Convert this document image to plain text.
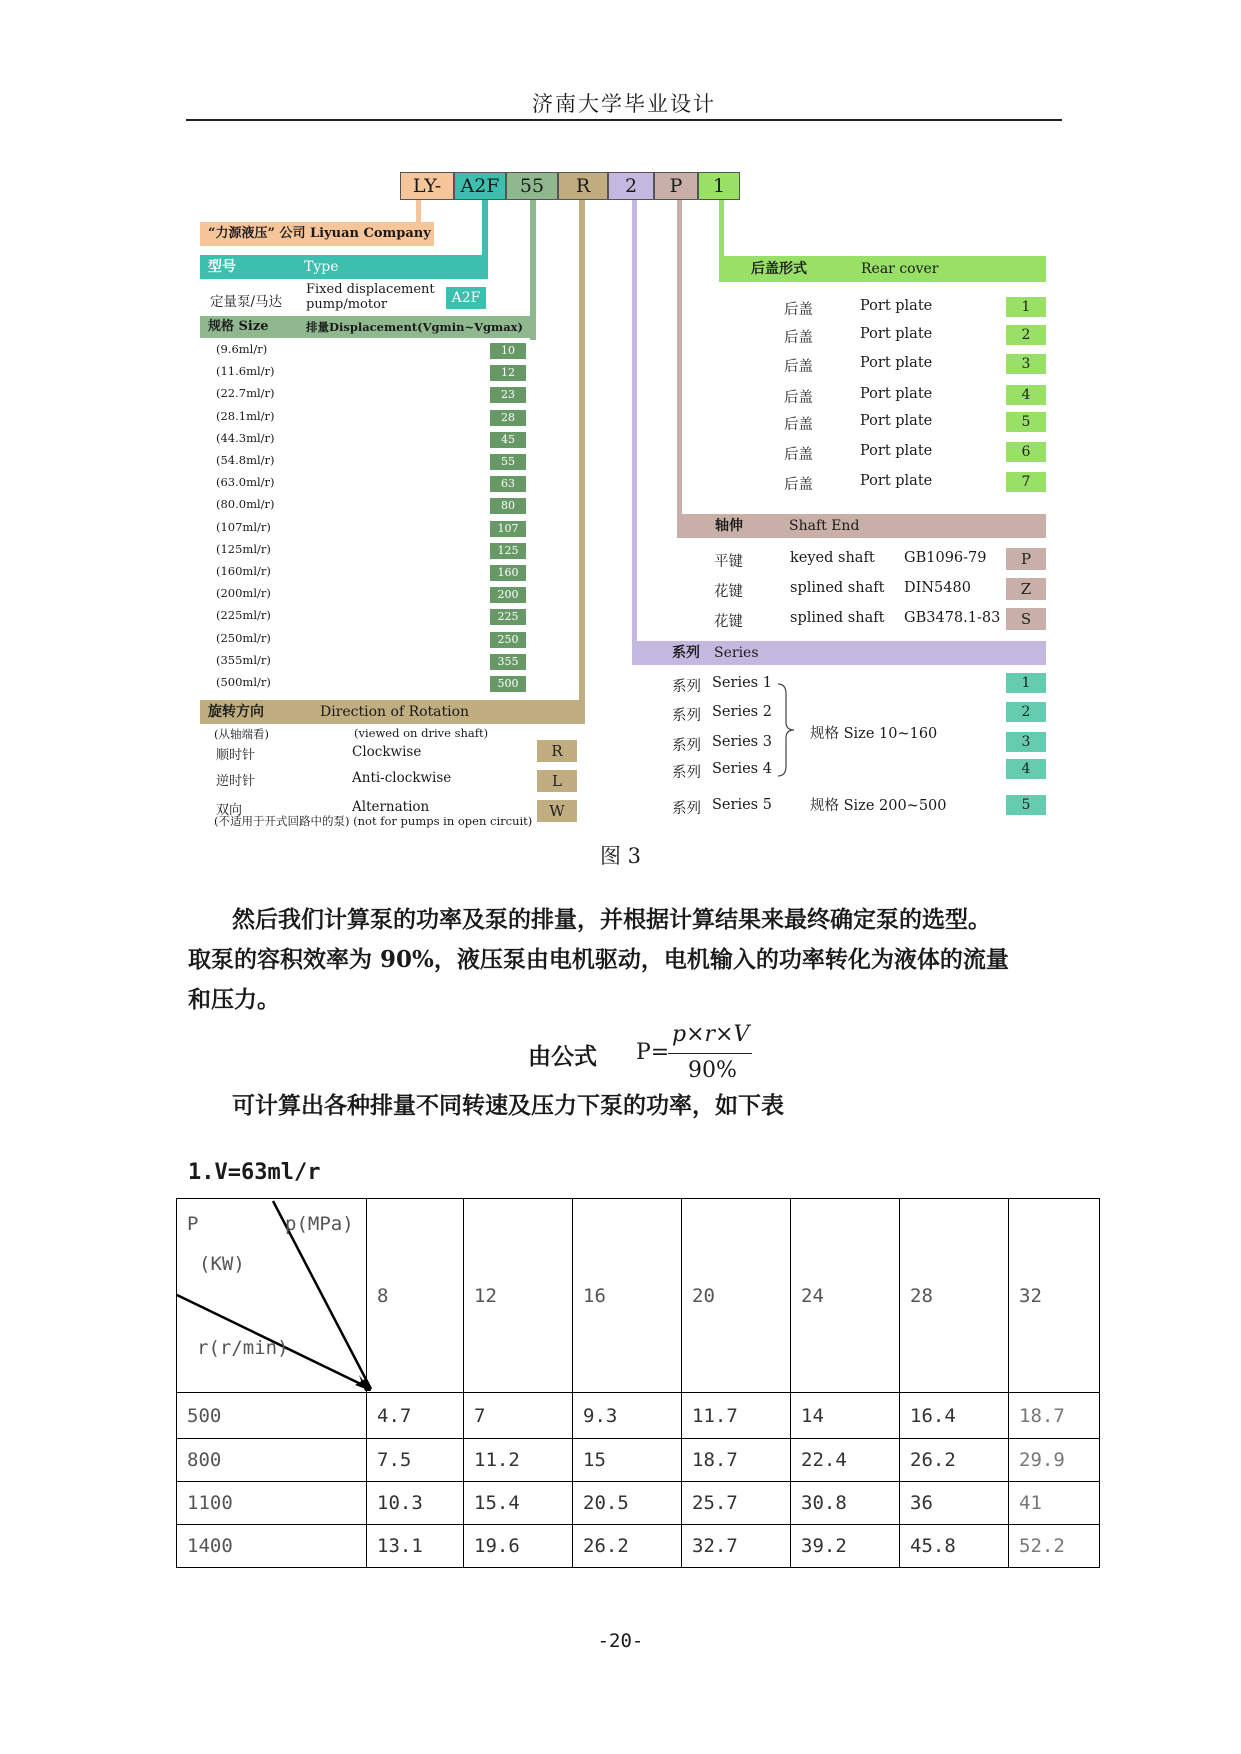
济南大学毕业设计
LY-	A2F	55	R	2	P	1
“力源液压” 公司 Liyuan Company
型号	Type
定量泵/马达
Fixed displacement
pump/motor	A2F
规格 Size	排量Displacement(Vgmin~Vgmax)
(9.6ml/r)	10
(11.6ml/r)	12
(22.7ml/r)	23
(28.1ml/r)	28
(44.3ml/r)	45
(54.8ml/r)	55
(63.0ml/r)	63
(80.0ml/r)	80
(107ml/r)	107
(125ml/r)	125
(160ml/r)	160
(200ml/r)	200
(225ml/r)	225
(250ml/r)	250
(355ml/r)	355
(500ml/r)	500
旋转方向	Direction of Rotation
(从轴端看)	(viewed on drive shaft)
顺时针	Clockwise	R
逆时针	Anti-clockwise	L
双向	Alternation	W
(不适用于开式回路中的泵) (not for pumps in open circuit)
后盖形式	Rear cover
后盖	Port plate	1
后盖	Port plate	2
后盖	Port plate	3
后盖	Port plate	4
后盖	Port plate	5
后盖	Port plate	6
后盖	Port plate	7
轴伸	Shaft End
平键	keyed shaft GB1096-79	P
花键	splined shaft DIN5480	Z
花键	splined shaft GB3478.1-83	S
系列 Series
系列 Series 1	1
系列 Series 2	2
系列 Series 3	3
系列 Series 4	4
系列 Series 5	5
规格 Size 10~160
规格 Size 200~500
图 3
然后我们计算泵的功率及泵的排量，并根据计算结果来最终确定泵的选型。
取泵的容积效率为 90%，液压泵由电机驱动，电机输入的功率转化为液体的流量
和压力。
由公式 P=
p×r×V
90%
可计算出各种排量不同转速及压力下泵的功率，如下表
1.V=63ml/r
P
(KW)
p(MPa)
r(r/min)	8	12	16	20	24	28	32
500	4.7	7	9.3	11.7	14	16.4	18.7
800	7.5	11.2	15	18.7	22.4	26.2	29.9
1100	10.3	15.4	20.5	25.7	30.8	36	41
1400	13.1	19.6	26.2	32.7	39.2	45.8	52.2
-20-
